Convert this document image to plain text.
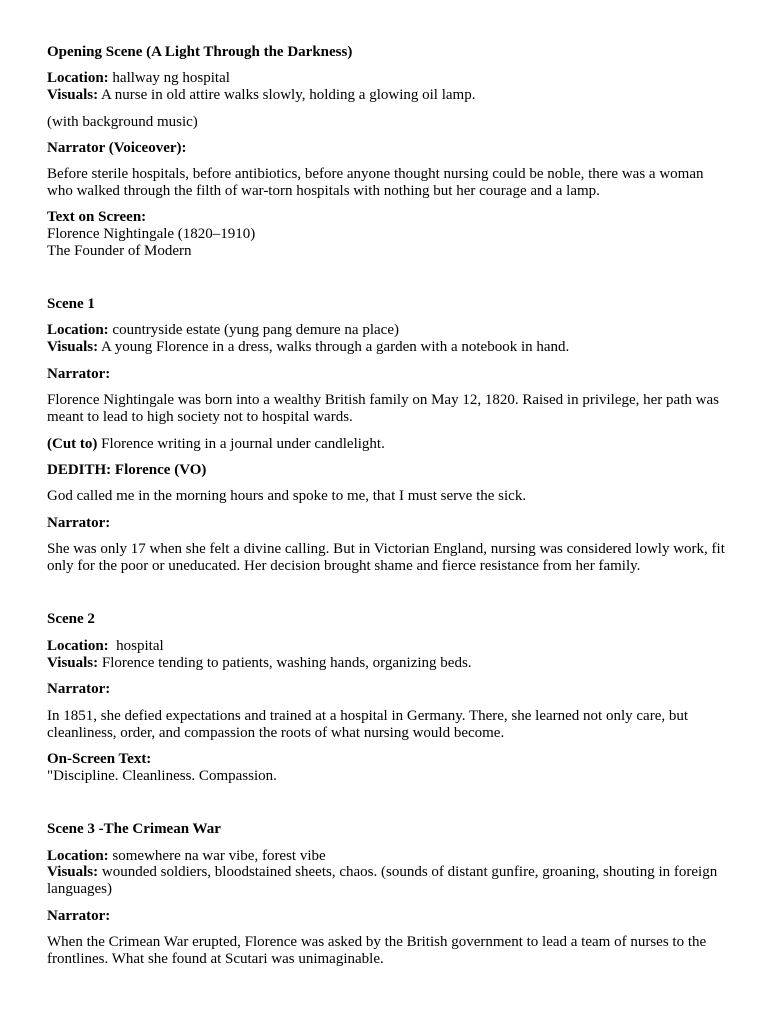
Opening Scene (A Light Through the Darkness)
Location: hallway ng hospital
Visuals: A nurse in old attire walks slowly, holding a glowing oil lamp.
(with background music)
Narrator (Voiceover):
Before sterile hospitals, before antibiotics, before anyone thought nursing could be noble, there was a woman who walked through the filth of war-torn hospitals with nothing but her courage and a lamp.
Text on Screen:
Florence Nightingale (1820–1910)
The Founder of Modern
Scene 1
Location: countryside estate (yung pang demure na place)
Visuals: A young Florence in a dress, walks through a garden with a notebook in hand.
Narrator:
Florence Nightingale was born into a wealthy British family on May 12, 1820. Raised in privilege, her path was meant to lead to high society not to hospital wards.
(Cut to) Florence writing in a journal under candlelight.
DEDITH: Florence (VO)
God called me in the morning hours and spoke to me, that I must serve the sick.
Narrator:
She was only 17 when she felt a divine calling. But in Victorian England, nursing was considered lowly work, fit only for the poor or uneducated. Her decision brought shame and fierce resistance from her family.
Scene 2
Location:  hospital
Visuals: Florence tending to patients, washing hands, organizing beds.
Narrator:
In 1851, she defied expectations and trained at a hospital in Germany. There, she learned not only care, but cleanliness, order, and compassion the roots of what nursing would become.
On-Screen Text:
"Discipline. Cleanliness. Compassion.
Scene 3 -The Crimean War
Location: somewhere na war vibe, forest vibe
Visuals: wounded soldiers, bloodstained sheets, chaos. (sounds of distant gunfire, groaning, shouting in foreign languages)
Narrator:
When the Crimean War erupted, Florence was asked by the British government to lead a team of nurses to the frontlines. What she found at Scutari was unimaginable.
